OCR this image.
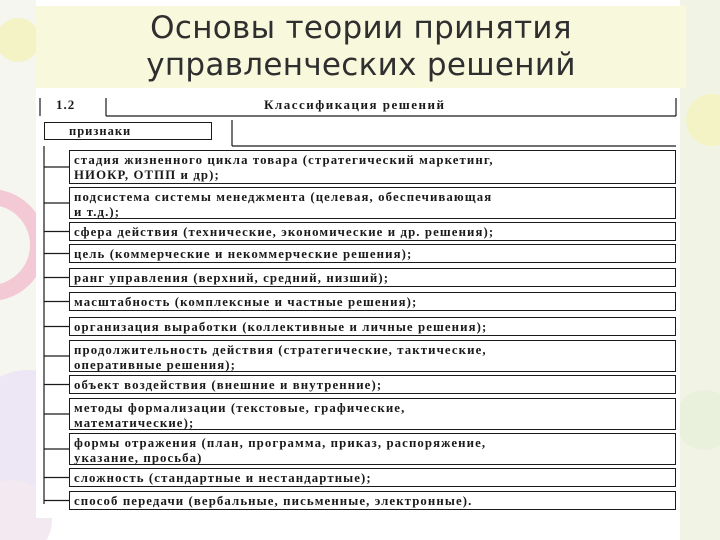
Основы теории принятия
управленческих решений
1.2	Классификация решений
признаки
стадия жизненного цикла товара (стратегический маркетинг,
НИОКР, ОТПП и др);
подсистема системы менеджмента (целевая, обеспечивающая
и т.д.);
сфера действия (технические, экономические и др. решения);
цель (коммерческие и некоммерческие решения);
ранг управления (верхний, средний, низший);
масштабность (комплексные и частные решения);
организация выработки (коллективные и личные решения);
продолжительность действия (стратегические, тактические,
оперативные решения);
объект воздействия (внешние и внутренние);
методы формализации (текстовые, графические,
математические);
формы отражения (план, программа, приказ, распоряжение,
указание, просьба)
сложность (стандартные и нестандартные);
способ передачи (вербальные, письменные, электронные).
